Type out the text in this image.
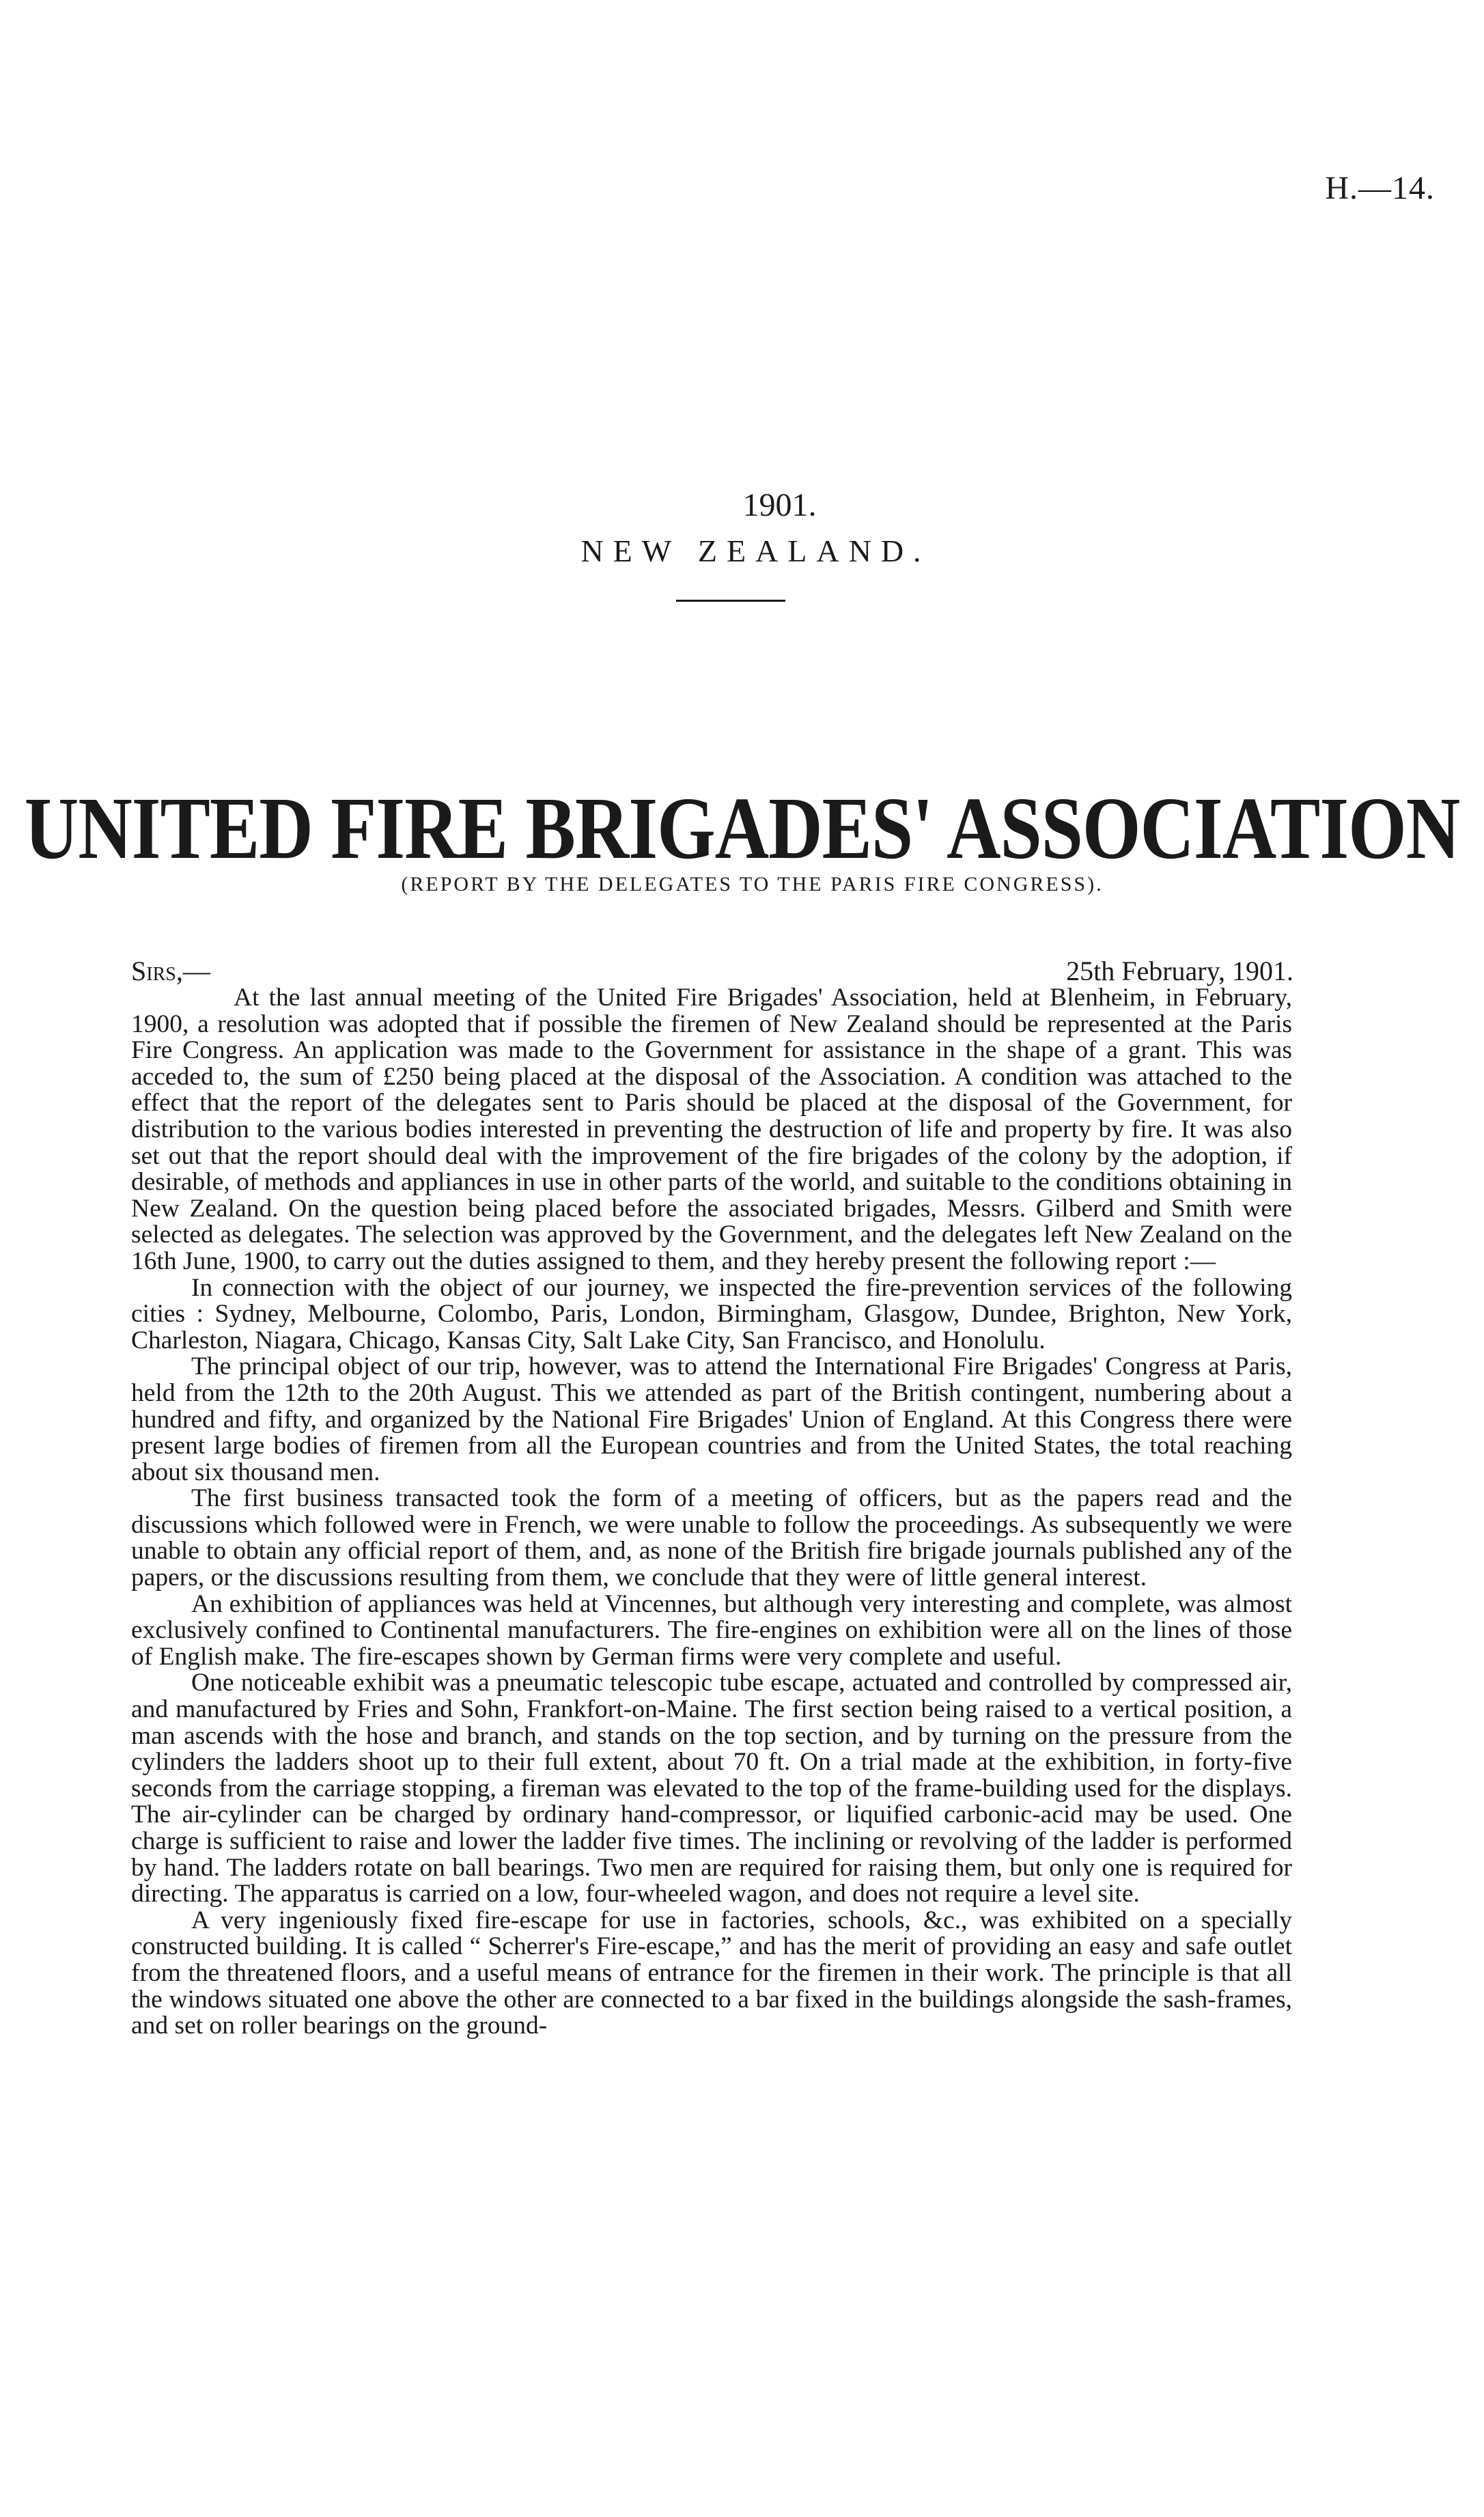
H.—14.
1901.
NEW ZEALAND.
UNITED FIRE BRIGADES' ASSOCIATION
(REPORT BY THE DELEGATES TO THE PARIS FIRE CONGRESS).
Sirs,—	25th February, 1901.

At the last annual meeting of the United Fire Brigades' Association, held at Blenheim, in February, 1900, a resolution was adopted that if possible the firemen of New Zealand should be represented at the Paris Fire Congress. An application was made to the Government for assistance in the shape of a grant. This was acceded to, the sum of £250 being placed at the disposal of the Association. A condition was attached to the effect that the report of the delegates sent to Paris should be placed at the disposal of the Government, for distribution to the various bodies interested in preventing the destruction of life and property by fire. It was also set out that the report should deal with the improvement of the fire brigades of the colony by the adoption, if desirable, of methods and appliances in use in other parts of the world, and suitable to the conditions obtaining in New Zealand. On the question being placed before the associated brigades, Messrs. Gilberd and Smith were selected as delegates. The selection was approved by the Government, and the delegates left New Zealand on the 16th June, 1900, to carry out the duties assigned to them, and they hereby present the following report :—

In connection with the object of our journey, we inspected the fire-prevention services of the following cities : Sydney, Melbourne, Colombo, Paris, London, Birmingham, Glasgow, Dundee, Brighton, New York, Charleston, Niagara, Chicago, Kansas City, Salt Lake City, San Francisco, and Honolulu.

The principal object of our trip, however, was to attend the International Fire Brigades' Congress at Paris, held from the 12th to the 20th August. This we attended as part of the British contingent, numbering about a hundred and fifty, and organized by the National Fire Brigades' Union of England. At this Congress there were present large bodies of firemen from all the European countries and from the United States, the total reaching about six thousand men.

The first business transacted took the form of a meeting of officers, but as the papers read and the discussions which followed were in French, we were unable to follow the proceedings. As subsequently we were unable to obtain any official report of them, and, as none of the British fire brigade journals published any of the papers, or the discussions resulting from them, we conclude that they were of little general interest.

An exhibition of appliances was held at Vincennes, but although very interesting and complete, was almost exclusively confined to Continental manufacturers. The fire-engines on exhibition were all on the lines of those of English make. The fire-escapes shown by German firms were very complete and useful.

One noticeable exhibit was a pneumatic telescopic tube escape, actuated and controlled by compressed air, and manufactured by Fries and Sohn, Frankfort-on-Maine. The first section being raised to a vertical position, a man ascends with the hose and branch, and stands on the top section, and by turning on the pressure from the cylinders the ladders shoot up to their full extent, about 70 ft. On a trial made at the exhibition, in forty-five seconds from the carriage stopping, a fireman was elevated to the top of the frame-building used for the displays. The air-cylinder can be charged by ordinary hand-compressor, or liquified carbonic-acid may be used. One charge is sufficient to raise and lower the ladder five times. The inclining or revolving of the ladder is performed by hand. The ladders rotate on ball bearings. Two men are required for raising them, but only one is required for directing. The apparatus is carried on a low, four-wheeled wagon, and does not require a level site.

A very ingeniously fixed fire-escape for use in factories, schools, &c., was exhibited on a specially constructed building. It is called “ Scherrer's Fire-escape,” and has the merit of providing an easy and safe outlet from the threatened floors, and a useful means of entrance for the firemen in their work. The principle is that all the windows situated one above the other are connected to a bar fixed in the buildings alongside the sash-frames, and set on roller bearings on the ground-
